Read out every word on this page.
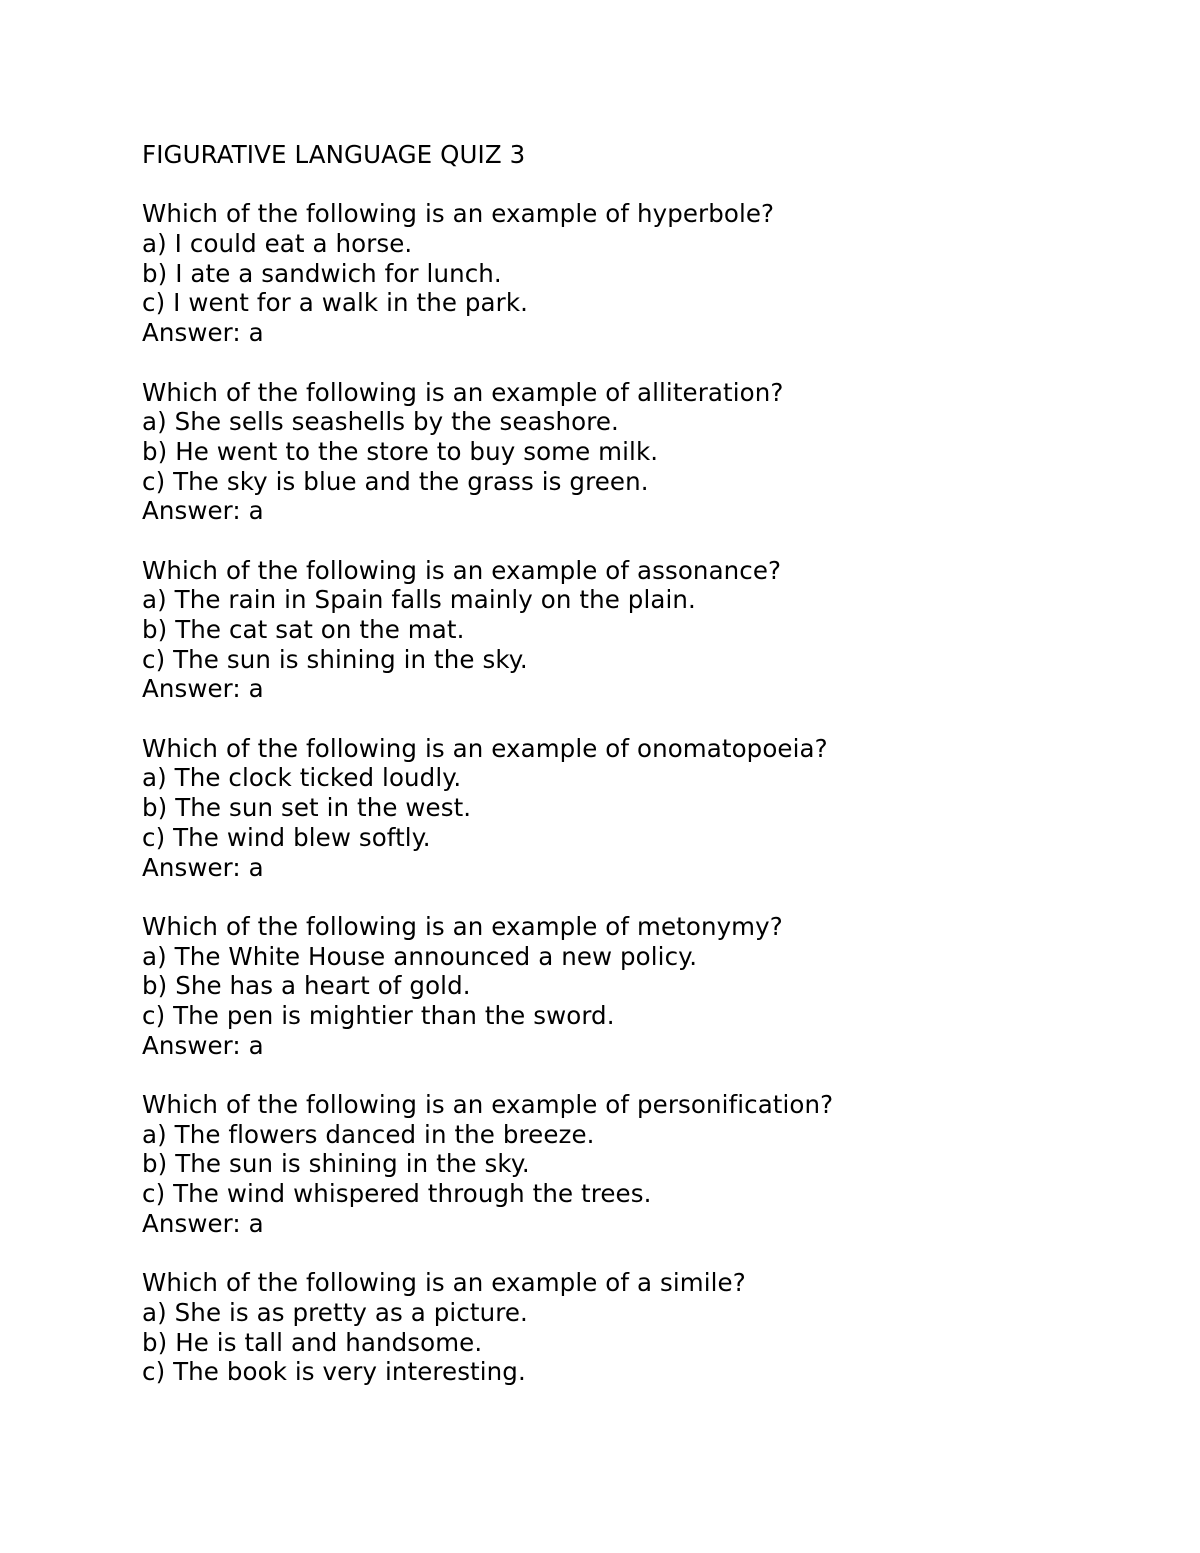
FIGURATIVE LANGUAGE QUIZ 3
Which of the following is an example of hyperbole?
a) I could eat a horse.
b) I ate a sandwich for lunch.
c) I went for a walk in the park.
Answer: a
Which of the following is an example of alliteration?
a) She sells seashells by the seashore.
b) He went to the store to buy some milk.
c) The sky is blue and the grass is green.
Answer: a
Which of the following is an example of assonance?
a) The rain in Spain falls mainly on the plain.
b) The cat sat on the mat.
c) The sun is shining in the sky.
Answer: a
Which of the following is an example of onomatopoeia?
a) The clock ticked loudly.
b) The sun set in the west.
c) The wind blew softly.
Answer: a
Which of the following is an example of metonymy?
a) The White House announced a new policy.
b) She has a heart of gold.
c) The pen is mightier than the sword.
Answer: a
Which of the following is an example of personification?
a) The flowers danced in the breeze.
b) The sun is shining in the sky.
c) The wind whispered through the trees.
Answer: a
Which of the following is an example of a simile?
a) She is as pretty as a picture.
b) He is tall and handsome.
c) The book is very interesting.
